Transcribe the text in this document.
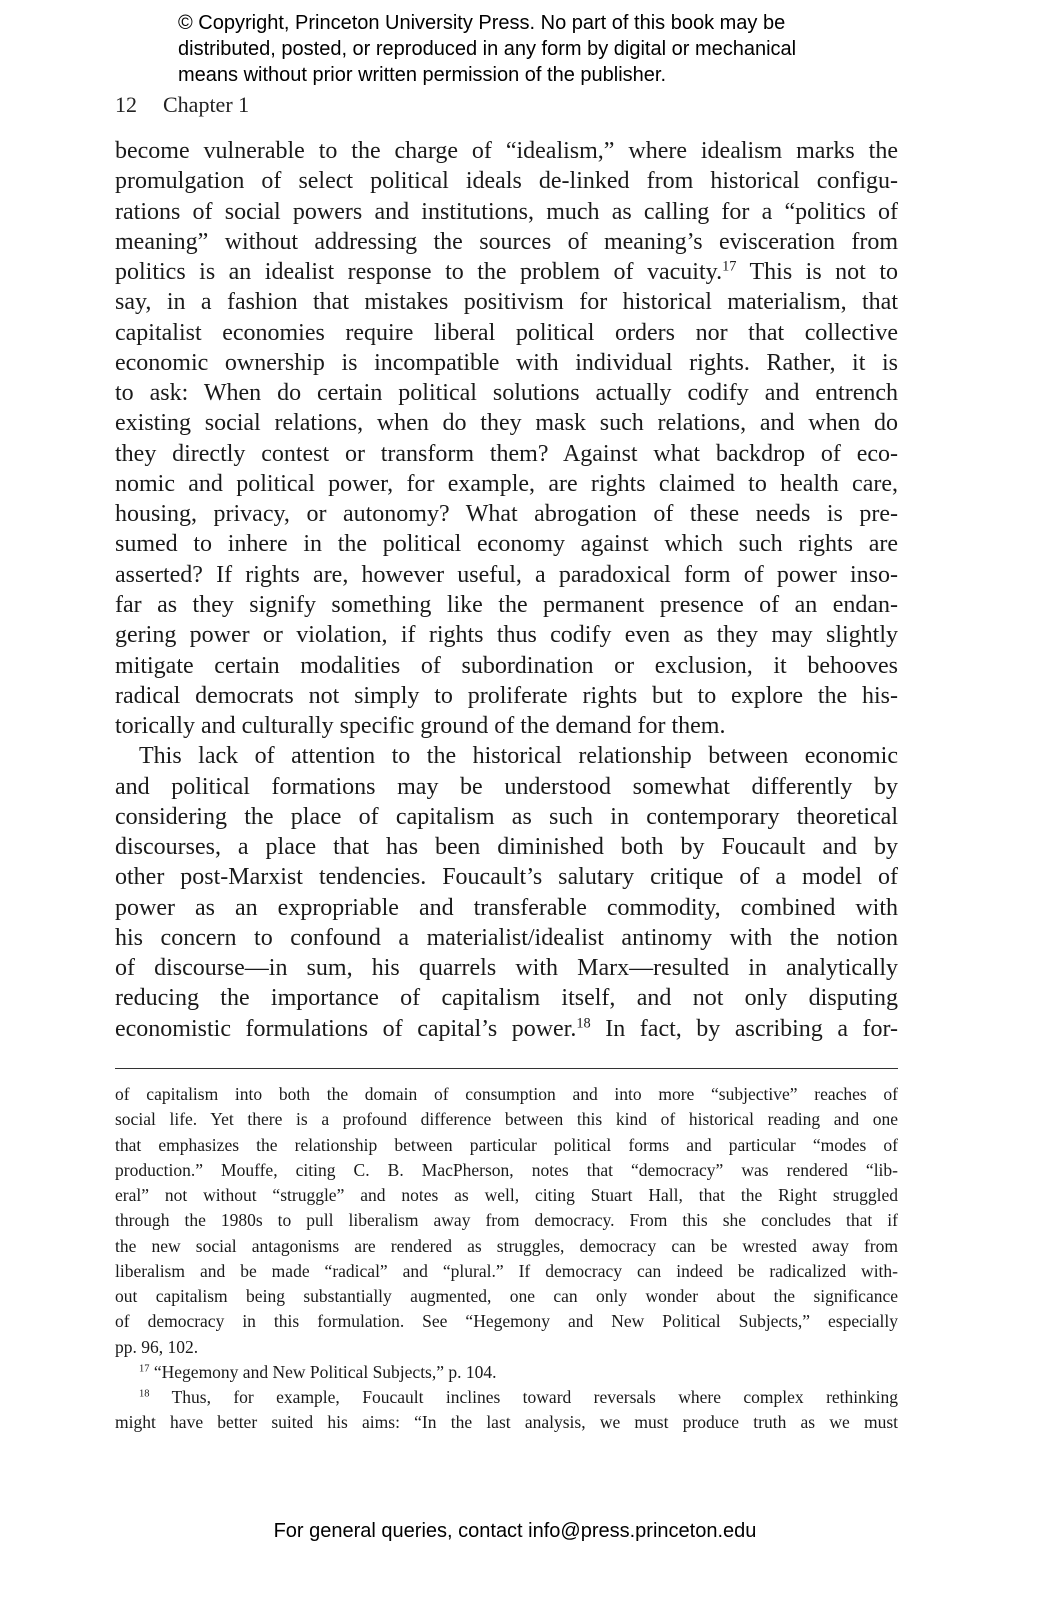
© Copyright, Princeton University Press. No part of this book may be
distributed, posted, or reproduced in any form by digital or mechanical
means without prior written permission of the publisher.
12 Chapter 1
become vulnerable to the charge of “idealism,” where idealism marks the
promulgation of select political ideals de-linked from historical configu-
rations of social powers and institutions, much as calling for a “politics of
meaning” without addressing the sources of meaning’s evisceration from
politics is an idealist response to the problem of vacuity.$^{17}$ This is not to
say, in a fashion that mistakes positivism for historical materialism, that
capitalist economies require liberal political orders nor that collective
economic ownership is incompatible with individual rights. Rather, it is
to ask: When do certain political solutions actually codify and entrench
existing social relations, when do they mask such relations, and when do
they directly contest or transform them? Against what backdrop of eco-
nomic and political power, for example, are rights claimed to health care,
housing, privacy, or autonomy? What abrogation of these needs is pre-
sumed to inhere in the political economy against which such rights are
asserted? If rights are, however useful, a paradoxical form of power inso-
far as they signify something like the permanent presence of an endan-
gering power or violation, if rights thus codify even as they may slightly
mitigate certain modalities of subordination or exclusion, it behooves
radical democrats not simply to proliferate rights but to explore the his-
torically and culturally specific ground of the demand for them.
This lack of attention to the historical relationship between economic
and political formations may be understood somewhat differently by
considering the place of capitalism as such in contemporary theoretical
discourses, a place that has been diminished both by Foucault and by
other post-Marxist tendencies. Foucault’s salutary critique of a model of
power as an expropriable and transferable commodity, combined with
his concern to confound a materialist/idealist antinomy with the notion
of discourse—in sum, his quarrels with Marx—resulted in analytically
reducing the importance of capitalism itself, and not only disputing
economistic formulations of capital’s power.$^{18}$ In fact, by ascribing a for-
of capitalism into both the domain of consumption and into more “subjective” reaches of
social life. Yet there is a profound difference between this kind of historical reading and one
that emphasizes the relationship between particular political forms and particular “modes of
production.” Mouffe, citing C. B. MacPherson, notes that “democracy” was rendered “lib-
eral” not without “struggle” and notes as well, citing Stuart Hall, that the Right struggled
through the 1980s to pull liberalism away from democracy. From this she concludes that if
the new social antagonisms are rendered as struggles, democracy can be wrested away from
liberalism and be made “radical” and “plural.” If democracy can indeed be radicalized with-
out capitalism being substantially augmented, one can only wonder about the significance
of democracy in this formulation. See “Hegemony and New Political Subjects,” especially
pp. 96, 102.
$^{17}$ “Hegemony and New Political Subjects,” p. 104.
$^{18}$ Thus, for example, Foucault inclines toward reversals where complex rethinking
might have better suited his aims: “In the last analysis, we must produce truth as we must
For general queries, contact info@press.princeton.edu
